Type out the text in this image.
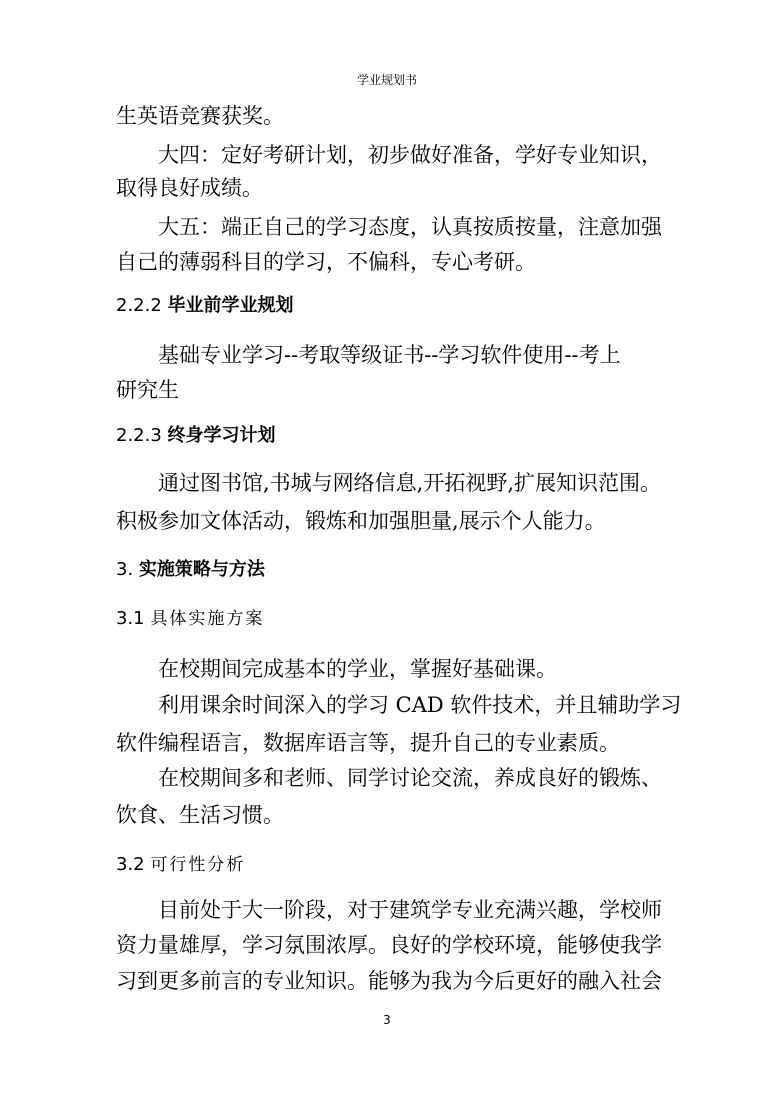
学业规划书
生英语竞赛获奖。
大四：定好考研计划，初步做好准备，学好专业知识，
取得良好成绩。
大五：端正自己的学习态度，认真按质按量，注意加强
自己的薄弱科目的学习，不偏科，专心考研。
2.2.2 毕业前学业规划
基础专业学习--考取等级证书--学习软件使用--考上
研究生
2.2.3 终身学习计划
通过图书馆,书城与网络信息,开拓视野,扩展知识范围。
积极参加文体活动，锻炼和加强胆量,展示个人能力。
3. 实施策略与方法
3.1 具体实施方案
在校期间完成基本的学业，掌握好基础课。
利用课余时间深入的学习 CAD 软件技术，并且辅助学习
软件编程语言，数据库语言等，提升自己的专业素质。
在校期间多和老师、同学讨论交流，养成良好的锻炼、
饮食、生活习惯。
3.2 可行性分析
目前处于大一阶段，对于建筑学专业充满兴趣，学校师
资力量雄厚，学习氛围浓厚。良好的学校环境，能够使我学
习到更多前言的专业知识。能够为我为今后更好的融入社会
3
